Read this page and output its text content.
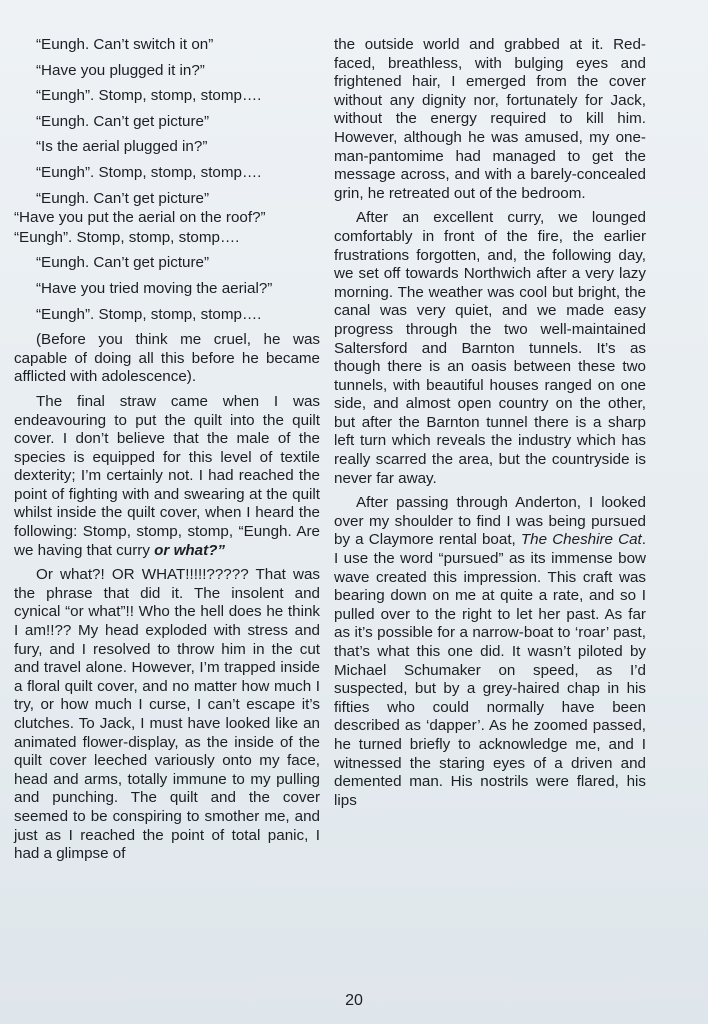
“Eungh. Can’t switch it on”
“Have you plugged it in?”
“Eungh”. Stomp, stomp, stomp….
“Eungh. Can’t get picture”
“Is the aerial plugged in?”
“Eungh”. Stomp, stomp, stomp….
“Eungh. Can’t get picture”
“Have you put the aerial on the roof?”
“Eungh”. Stomp, stomp, stomp….
“Eungh. Can’t get picture”
“Have you tried moving the aerial?”
“Eungh”. Stomp, stomp, stomp….

(Before you think me cruel, he was capable of doing all this before he became afflicted with adolescence).

The final straw came when I was endeavouring to put the quilt into the quilt cover. I don’t believe that the male of the species is equipped for this level of textile dexterity; I’m certainly not. I had reached the point of fighting with and swearing at the quilt whilst inside the quilt cover, when I heard the following: Stomp, stomp, stomp, “Eungh. Are we having that curry or what?”

Or what?! OR WHAT!!!!!????? That was the phrase that did it. The insolent and cynical “or what”!! Who the hell does he think I am!!?? My head exploded with stress and fury, and I resolved to throw him in the cut and travel alone. However, I’m trapped inside a floral quilt cover, and no matter how much I try, or how much I curse, I can’t escape it’s clutches. To Jack, I must have looked like an animated flower-display, as the inside of the quilt cover leeched variously onto my face, head and arms, totally immune to my pulling and punching. The quilt and the cover seemed to be conspiring to smother me, and just as I reached the point of total panic, I had a glimpse of

the outside world and grabbed at it. Red-faced, breathless, with bulging eyes and frightened hair, I emerged from the cover without any dignity nor, fortunately for Jack, without the energy required to kill him. However, although he was amused, my one-man-pantomime had managed to get the message across, and with a barely-concealed grin, he retreated out of the bedroom.

After an excellent curry, we lounged comfortably in front of the fire, the earlier frustrations forgotten, and, the following day, we set off towards Northwich after a very lazy morning. The weather was cool but bright, the canal was very quiet, and we made easy progress through the two well-maintained Saltersford and Barnton tunnels. It’s as though there is an oasis between these two tunnels, with beautiful houses ranged on one side, and almost open country on the other, but after the Barnton tunnel there is a sharp left turn which reveals the industry which has really scarred the area, but the countryside is never far away.

After passing through Anderton, I looked over my shoulder to find I was being pursued by a Claymore rental boat, The Cheshire Cat. I use the word “pursued” as its immense bow wave created this impression. This craft was bearing down on me at quite a rate, and so I pulled over to the right to let her past. As far as it’s possible for a narrow-boat to ‘roar’ past, that’s what this one did. It wasn’t piloted by Michael Schumaker on speed, as I’d suspected, but by a grey-haired chap in his fifties who could normally have been described as ‘dapper’. As he zoomed passed, he turned briefly to acknowledge me, and I witnessed the staring eyes of a driven and demented man. His nostrils were flared, his lips

20
